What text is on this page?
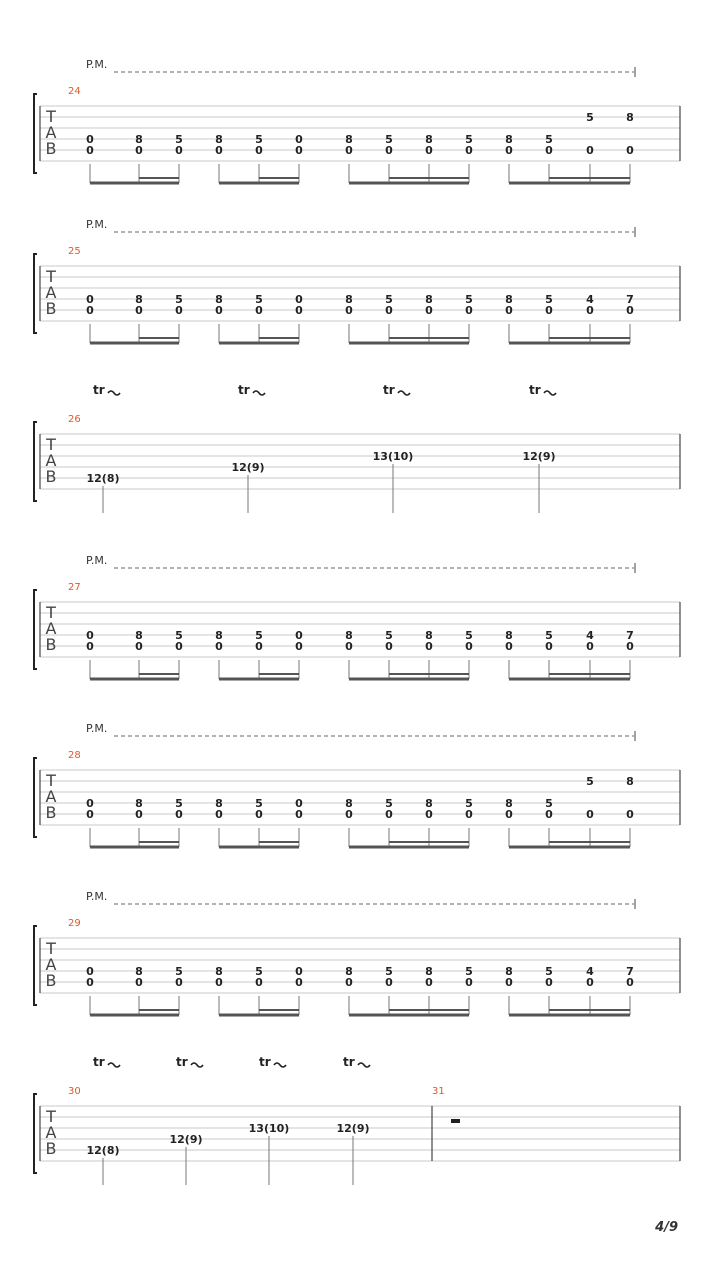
T
A
B
24
P.M.
0
0
8
0
5
0
8
0
5
0
0
0
8
0
5
0
8
0
5
0
8
0
5
0
5
0
8
0
T
A
B
25
P.M.
0
0
8
0
5
0
8
0
5
0
0
0
8
0
5
0
8
0
5
0
8
0
5
0
4
0
7
0
T
A
B
26
tr
12(8)
tr
12(9)
tr
13(10)
tr
12(9)
T
A
B
27
P.M.
0
0
8
0
5
0
8
0
5
0
0
0
8
0
5
0
8
0
5
0
8
0
5
0
4
0
7
0
T
A
B
28
P.M.
0
0
8
0
5
0
8
0
5
0
0
0
8
0
5
0
8
0
5
0
8
0
5
0
5
0
8
0
T
A
B
29
P.M.
0
0
8
0
5
0
8
0
5
0
0
0
8
0
5
0
8
0
5
0
8
0
5
0
4
0
7
0
T
A
B
30
tr
12(8)
tr
12(9)
tr
13(10)
tr
12(9)
31
4/9
